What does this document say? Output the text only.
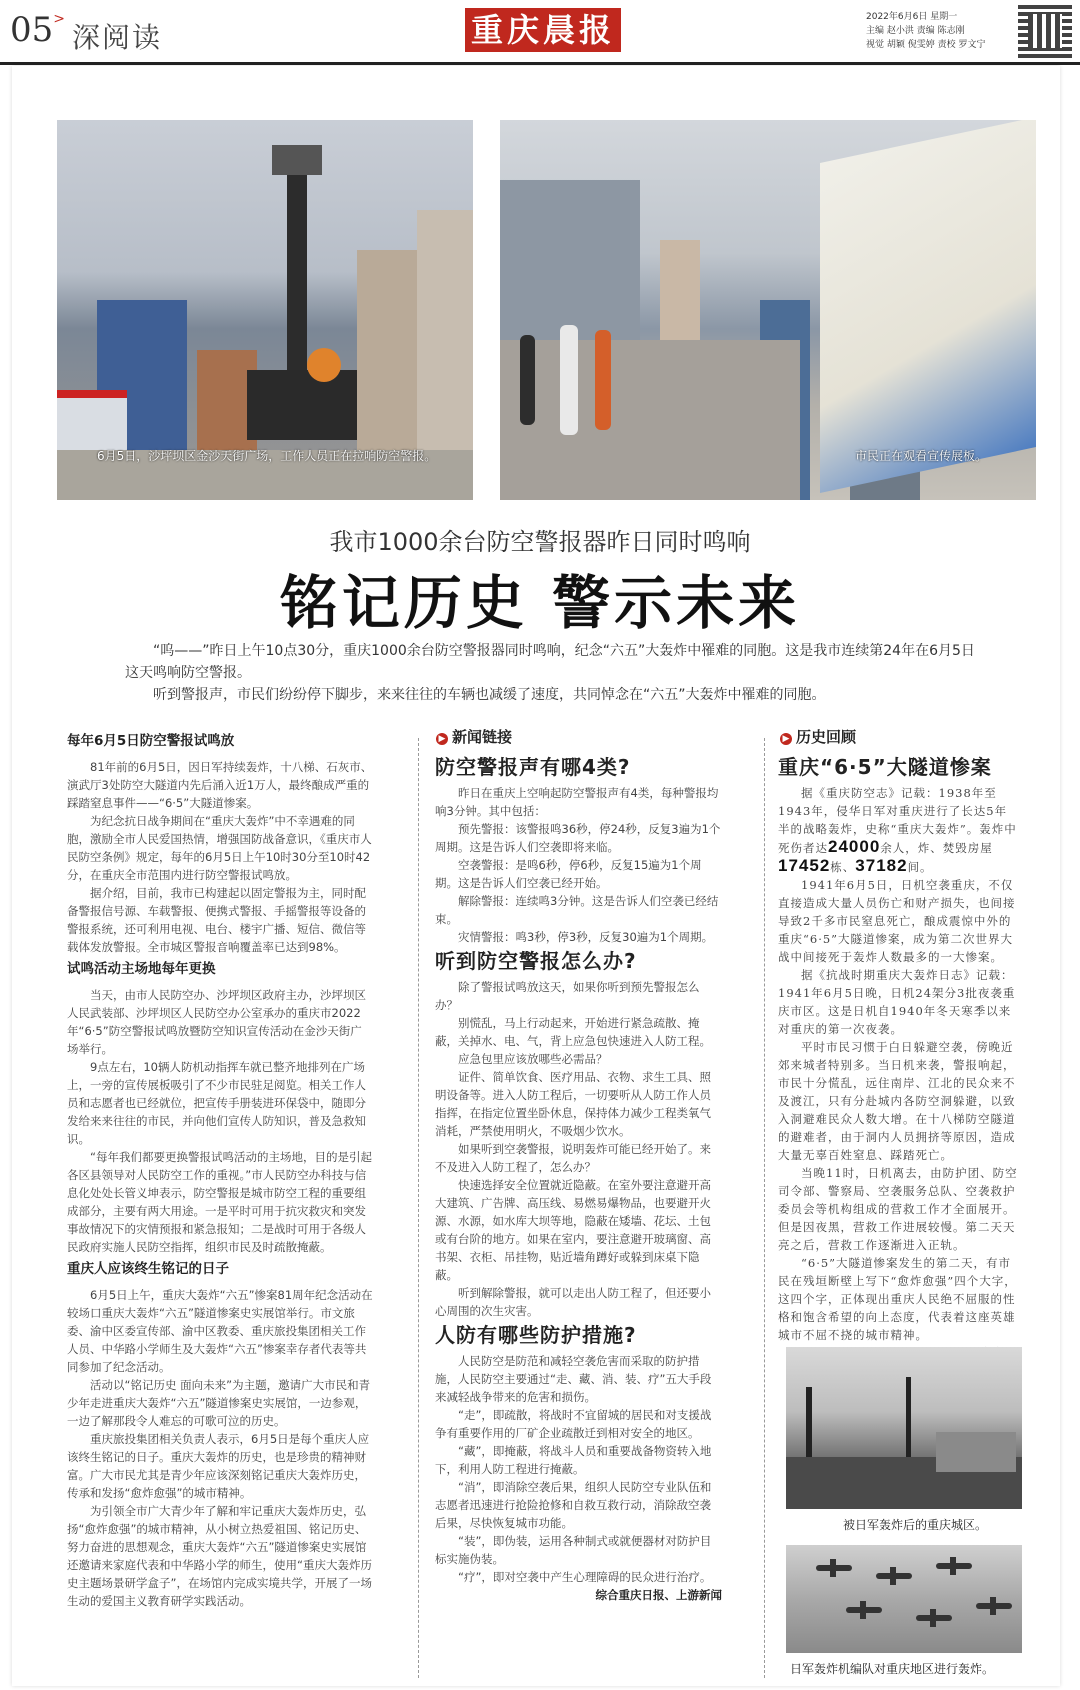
05>
深阅读	重庆晨报	2022年6月6日 星期一
主编 赵小洪 责编 陈志刚
视觉 胡颖 倪雯婷 责校 罗文宁
6月5日，沙坪坝区金沙天街广场，工作人员正在拉响防空警报。	市民正在观看宣传展板。
我市1000余台防空警报器昨日同时鸣响
铭记历史 警示未来

“呜——”昨日上午10点30分，重庆1000余台防空警报器同时鸣响，纪念“六五”大轰炸中罹难的同胞。这是我市连续第24年在6月5日这天鸣响防空警报。

听到警报声，市民们纷纷停下脚步，来来往往的车辆也减缓了速度，共同悼念在“六五”大轰炸中罹难的同胞。

每年6月5日防空警报试鸣放

81年前的6月5日，因日军持续轰炸，十八梯、石灰市、演武厅3处防空大隧道内先后涌入近1万人，最终酿成严重的踩踏窒息事件——“6·5”大隧道惨案。

为纪念抗日战争期间在“重庆大轰炸”中不幸遇难的同胞，激励全市人民爱国热情，增强国防战备意识，《重庆市人民防空条例》规定，每年的6月5日上午10时30分至10时42分，在重庆全市范围内进行防空警报试鸣放。

据介绍，目前，我市已构建起以固定警报为主，同时配备警报信号源、车载警报、便携式警报、手摇警报等设备的警报系统，还可利用电视、电台、楼宇广播、短信、微信等载体发放警报。全市城区警报音响覆盖率已达到98%。

试鸣活动主场地每年更换

当天，由市人民防空办、沙坪坝区政府主办，沙坪坝区人民武装部、沙坪坝区人民防空办公室承办的重庆市2022年“6·5”防空警报试鸣放暨防空知识宣传活动在金沙天街广场举行。

9点左右，10辆人防机动指挥车就已整齐地排列在广场上，一旁的宣传展板吸引了不少市民驻足阅览。相关工作人员和志愿者也已经就位，把宣传手册装进环保袋中，随即分发给来来往往的市民，并向他们宣传人防知识，普及急救知识。

“每年我们都要更换警报试鸣活动的主场地，目的是引起各区县领导对人民防空工作的重视。”市人民防空办科技与信息化处处长管义坤表示，防空警报是城市防空工程的重要组成部分，主要有两大用途。一是平时可用于抗灾救灾和突发事故情况下的灾情预报和紧急报知；二是战时可用于各级人民政府实施人民防空指挥，组织市民及时疏散掩蔽。

重庆人应该终生铭记的日子

6月5日上午，重庆大轰炸“六五”惨案81周年纪念活动在较场口重庆大轰炸“六五”隧道惨案史实展馆举行。市文旅委、渝中区委宣传部、渝中区教委、重庆旅投集团相关工作人员、中华路小学师生及大轰炸“六五”惨案幸存者代表等共同参加了纪念活动。

活动以“铭记历史 面向未来”为主题，邀请广大市民和青少年走进重庆大轰炸“六五”隧道惨案史实展馆，一边参观，一边了解那段令人难忘的可歌可泣的历史。

重庆旅投集团相关负责人表示，6月5日是每个重庆人应该终生铭记的日子。重庆大轰炸的历史，也是珍贵的精神财富。广大市民尤其是青少年应该深刻铭记重庆大轰炸历史，传承和发扬“愈炸愈强”的城市精神。

为引领全市广大青少年了解和牢记重庆大轰炸历史，弘扬“愈炸愈强”的城市精神，从小树立热爱祖国、铭记历史、努力奋进的思想观念，重庆大轰炸“六五”隧道惨案史实展馆还邀请来家庭代表和中华路小学的师生，使用“重庆大轰炸历史主题场景研学盒子”，在场馆内完成实境共学，开展了一场生动的爱国主义教育研学实践活动。

▶ 新闻链接
防空警报声有哪4类?

昨日在重庆上空响起防空警报声有4类，每种警报均响3分钟。其中包括：

预先警报：该警报鸣36秒，停24秒，反复3遍为1个周期。这是告诉人们空袭即将来临。

空袭警报：是鸣6秒，停6秒，反复15遍为1个周期。这是告诉人们空袭已经开始。

解除警报：连续鸣3分钟。这是告诉人们空袭已经结束。

灾情警报：鸣3秒，停3秒，反复30遍为1个周期。

听到防空警报怎么办?

除了警报试鸣放这天，如果你听到预先警报怎么办？

别慌乱，马上行动起来，开始进行紧急疏散、掩蔽，关掉水、电、气，背上应急包快速进入人防工程。

应急包里应该放哪些必需品？

证件、简单饮食、医疗用品、衣物、求生工具、照明设备等。进入人防工程后，一切要听从人防工作人员指挥，在指定位置坐卧休息，保持体力减少工程类氧气消耗，严禁使用明火，不吸烟少饮水。

如果听到空袭警报，说明轰炸可能已经开始了。来不及进入人防工程了，怎么办？

快速选择安全位置就近隐蔽。在室外要注意避开高大建筑、广告牌、高压线、易燃易爆物品，也要避开火源、水源，如水库大坝等地，隐蔽在矮墙、花坛、土包或有台阶的地方。如果在室内，要注意避开玻璃窗、高书架、衣柜、吊挂物，贴近墙角蹲好或躲到床桌下隐蔽。

听到解除警报，就可以走出人防工程了，但还要小心周围的次生灾害。

人防有哪些防护措施?

人民防空是防范和减轻空袭危害而采取的防护措施，人民防空主要通过“走、藏、消、装、疗”五大手段来减轻战争带来的危害和损伤。

“走”，即疏散，将战时不宜留城的居民和对支援战争有重要作用的厂矿企业疏散迁到相对安全的地区。

“藏”，即掩蔽，将战斗人员和重要战备物资转入地下，利用人防工程进行掩蔽。

“消”，即消除空袭后果，组织人民防空专业队伍和志愿者迅速进行抢险抢修和自救互救行动，消除敌空袭后果，尽快恢复城市功能。

“装”，即伪装，运用各种制式或就便器材对防护目标实施伪装。

“疗”，即对空袭中产生心理障碍的民众进行治疗。

综合重庆日报、上游新闻

▶ 历史回顾
重庆“6·5”大隧道惨案

据《重庆防空志》记载：1938年至1943年，侵华日军对重庆进行了长达5年半的战略轰炸，史称“重庆大轰炸”。轰炸中死伤者达24000余人，炸、焚毁房屋17452栋、37182间。

1941年6月5日，日机空袭重庆，不仅直接造成大量人员伤亡和财产损失，也间接导致2千多市民窒息死亡，酿成震惊中外的重庆“6·5”大隧道惨案，成为第二次世界大战中间接死于轰炸人数最多的一大惨案。

据《抗战时期重庆大轰炸日志》记载：1941年6月5日晚，日机24架分3批夜袭重庆市区。这是日机自1940年冬天寒季以来对重庆的第一次夜袭。

平时市民习惯于白日躲避空袭，傍晚近郊来城者特别多。当日机来袭，警报响起，市民十分慌乱，远住南岸、江北的民众来不及渡江，只有分赴城内各防空洞躲避，以致入洞避难民众人数大增。在十八梯防空隧道的避难者，由于洞内人员拥挤等原因，造成大量无辜百姓窒息、踩踏死亡。

当晚11时，日机离去，由防护团、防空司令部、警察局、空袭服务总队、空袭救护委员会等机构组成的营救工作才全面展开。但是因夜黑，营救工作进展较慢。第二天天亮之后，营救工作逐渐进入正轨。

“6·5”大隧道惨案发生的第二天，有市民在残垣断壁上写下“愈炸愈强”四个大字，这四个字，正体现出重庆人民绝不屈服的性格和饱含希望的向上态度，代表着这座英雄城市不屈不挠的城市精神。

被日军轰炸后的重庆城区。
日军轰炸机编队对重庆地区进行轰炸。
